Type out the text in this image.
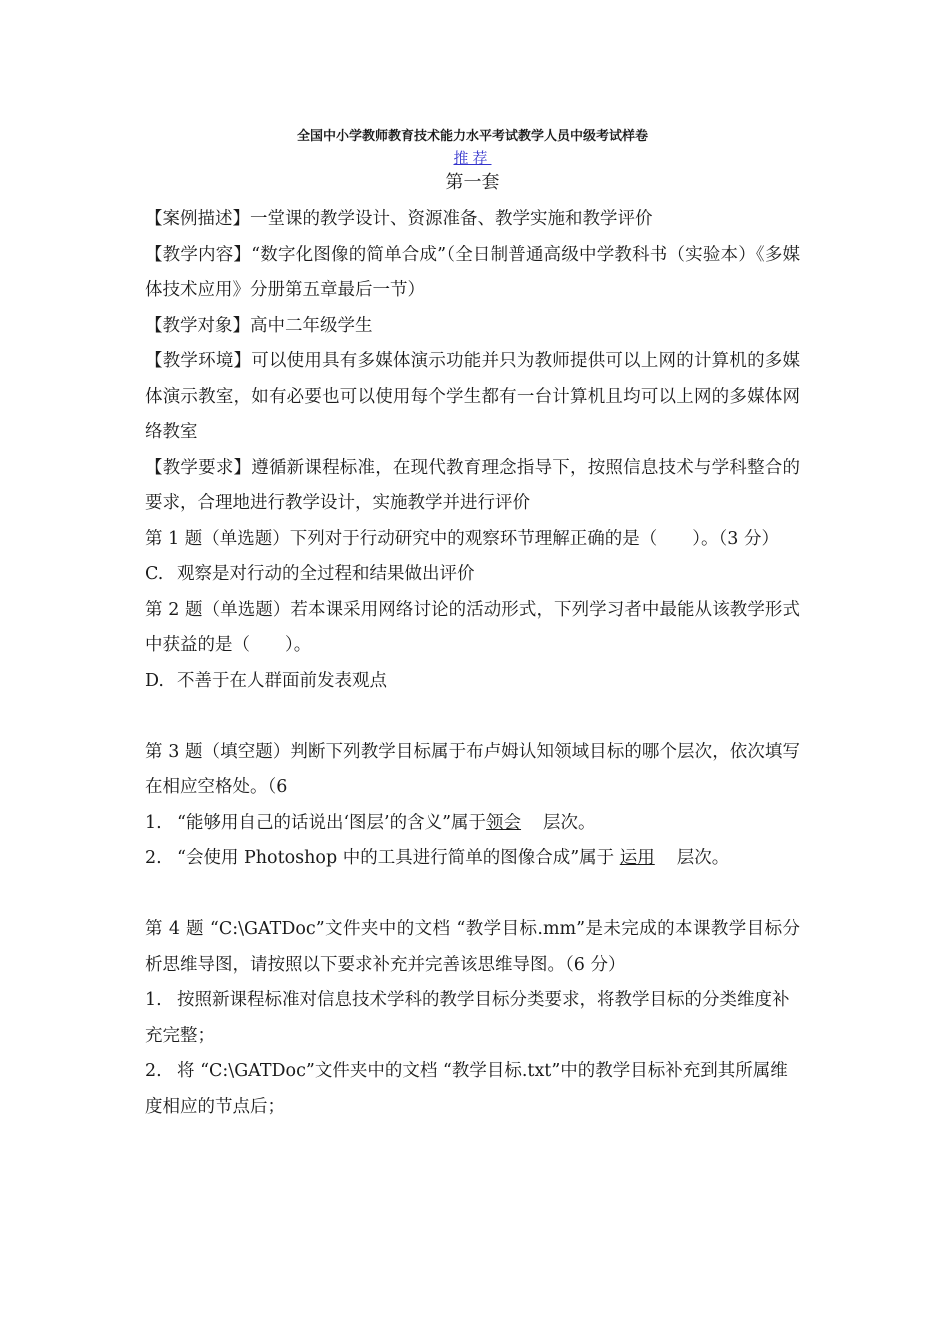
全国中小学教师教育技术能力水平考试教学人员中级考试样卷

推荐

第一套

【案例描述】一堂课的教学设计、资源准备、教学实施和教学评价

【教学内容】“数字化图像的简单合成”（全日制普通高级中学教科书（实验本）《多媒体技术应用》分册第五章最后一节）

【教学对象】高中二年级学生

【教学环境】可以使用具有多媒体演示功能并只为教师提供可以上网的计算机的多媒体演示教室，如有必要也可以使用每个学生都有一台计算机且均可以上网的多媒体网络教室

【教学要求】遵循新课程标准，在现代教育理念指导下，按照信息技术与学科整合的要求，合理地进行教学设计，实施教学并进行评价

第 1 题（单选题）下列对于行动研究中的观察环节理解正确的是（　　）。（3 分）

C. 观察是对行动的全过程和结果做出评价

第 2 题（单选题）若本课采用网络讨论的活动形式，下列学习者中最能从该教学形式中获益的是（　　）。

D. 不善于在人群面前发表观点

第 3 题（填空题）判断下列教学目标属于布卢姆认知领域目标的哪个层次，依次填写在相应空格处。（6

1. “能够用自己的话说出‘图层’的含义”属于领会 层次。

2. “会使用 Photoshop 中的工具进行简单的图像合成”属于 运用 层次。

第 4 题 “C:\GATDoc”文件夹中的文档 “教学目标.mm”是未完成的本课教学目标分析思维导图，请按照以下要求补充并完善该思维导图。（6 分）

1. 按照新课程标准对信息技术学科的教学目标分类要求，将教学目标的分类维度补充完整；

2. 将 “C:\GATDoc”文件夹中的文档 “教学目标.txt”中的教学目标补充到其所属维度相应的节点后；
